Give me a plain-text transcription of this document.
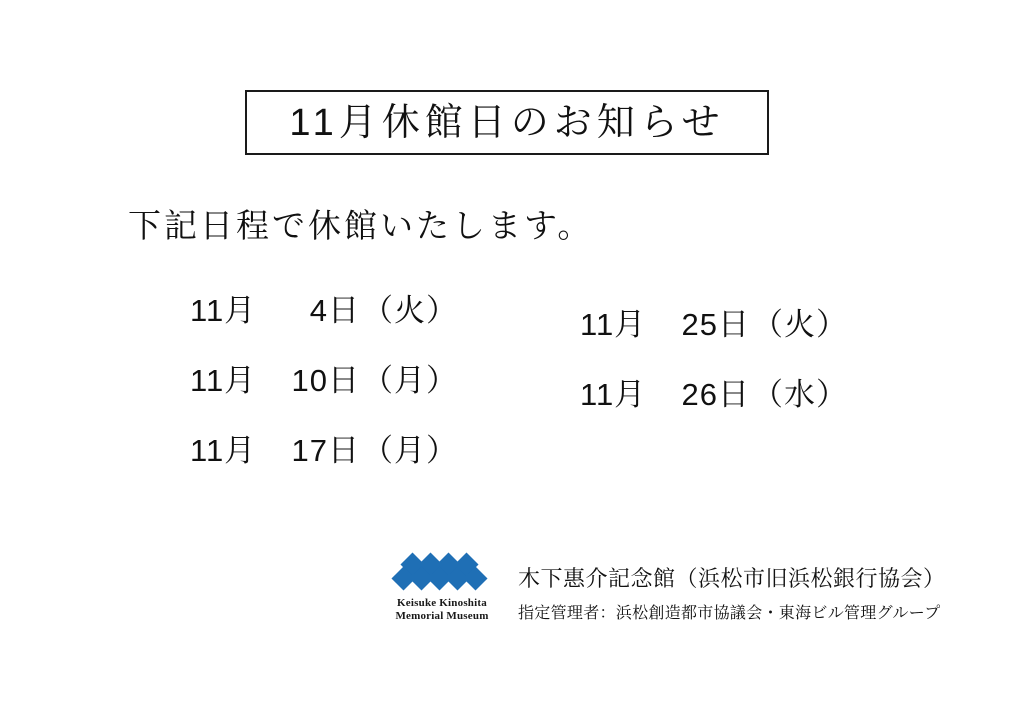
11月休館日のお知らせ
下記日程で休館いたします。
11月	4日 （火）
11月	10日 （月）
11月	17日 （月）
11月	25日 （火）
11月	26日 （水）
Keisuke Kinoshita
Memorial Museum
木下惠介記念館（浜松市旧浜松銀行協会）
指定管理者：浜松創造都市協議会・東海ビル管理グループ
